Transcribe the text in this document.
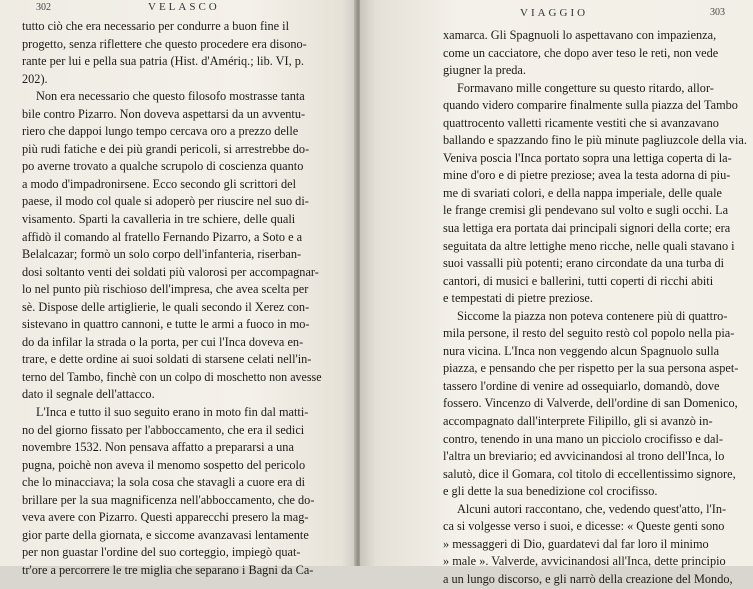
302	VELASCO
tutto ciò che era necessario per condurre a buon fine il
progetto, senza riflettere che questo procedere era disono-
rante per lui e pella sua patria (Hist. d'Amériq.; lib. VI, p.
202).
Non era necessario che questo filosofo mostrasse tanta
bile contro Pizarro. Non doveva aspettarsi da un avventu-
riero che dappoi lungo tempo cercava oro a prezzo delle
più rudi fatiche e dei più grandi pericoli, si arrestrebbe do-
po averne trovato a qualche scrupolo di coscienza quanto
a modo d'impadronirsene. Ecco secondo gli scrittori del
paese, il modo col quale si adoperò per riuscire nel suo di-
visamento. Sparti la cavalleria in tre schiere, delle quali
affidò il comando al fratello Fernando Pizarro, a Soto e a
Belalcazar; formò un solo corpo dell'infanteria, riserban-
dosi soltanto venti dei soldati più valorosi per accompagnar-
lo nel punto più rischioso dell'impresa, che avea scelta per
sè. Dispose delle artiglierie, le quali secondo il Xerez con-
sistevano in quattro cannoni, e tutte le armi a fuoco in mo-
do da infilar la strada o la porta, per cui l'Inca doveva en-
trare, e dette ordine ai suoi soldati di starsene celati nell'in-
terno del Tambo, finchè con un colpo di moschetto non avesse
dato il segnale dell'attacco.
L'Inca e tutto il suo seguito erano in moto fin dal matti-
no del giorno fissato per l'abboccamento, che era il sedici
novembre 1532. Non pensava affatto a prepararsi a una
pugna, poichè non aveva il menomo sospetto del pericolo
che lo minacciava; la sola cosa che stavagli a cuore era di
brillare per la sua magnificenza nell'abboccamento, che do-
veva avere con Pizarro. Questi apparecchi presero la mag-
gior parte della giornata, e siccome avanzavasi lentamente
per non guastar l'ordine del suo corteggio, impiegò quat-
tr'ore a percorrere le tre miglia che separano i Bagni da Ca-
VIAGGIO	303
xamarca. Gli Spagnuoli lo aspettavano con impazienza,
come un cacciatore, che dopo aver teso le reti, non vede
giugner la preda.
Formavano mille congetture su questo ritardo, allor-
quando videro comparire finalmente sulla piazza del Tambo
quattrocento valletti ricamente vestiti che si avanzavano
ballando e spazzando fino le più minute pagliuzcole della via.
Veniva poscia l'Inca portato sopra una lettiga coperta di la-
mine d'oro e di pietre preziose; avea la testa adorna di piu-
me di svariati colori, e della nappa imperiale, delle quale
le frange cremisi gli pendevano sul volto e sugli occhi. La
sua lettiga era portata dai principali signori della corte; era
seguitata da altre lettighe meno ricche, nelle quali stavano i
suoi vassalli più potenti; erano circondate da una turba di
cantori, di musici e ballerini, tutti coperti di ricchi abiti
e tempestati di pietre preziose.
Siccome la piazza non poteva contenere più di quattro-
mila persone, il resto del seguito restò col popolo nella pia-
nura vicina. L'Inca non veggendo alcun Spagnuolo sulla
piazza, e pensando che per rispetto per la sua persona aspet-
tassero l'ordine di venire ad ossequiarlo, domandò, dove
fossero. Vincenzo di Valverde, dell'ordine di san Domenico,
accompagnato dall'interprete Filipillo, gli si avanzò in-
contro, tenendo in una mano un picciolo crocifisso e dal-
l'altra un breviario; ed avvicinandosi al trono dell'Inca, lo
salutò, dice il Gomara, col titolo di eccellentissimo signore,
e gli dette la sua benedizione col crocifisso.
Alcuni autori raccontano, che, vedendo quest'atto, l'In-
ca si volgesse verso i suoi, e dicesse: « Queste genti sono
» messaggeri di Dio, guardatevi dal far loro il minimo
» male ». Valverde, avvicinandosi all'Inca, dette principio
a un lungo discorso, e gli narrò della creazione del Mondo,
